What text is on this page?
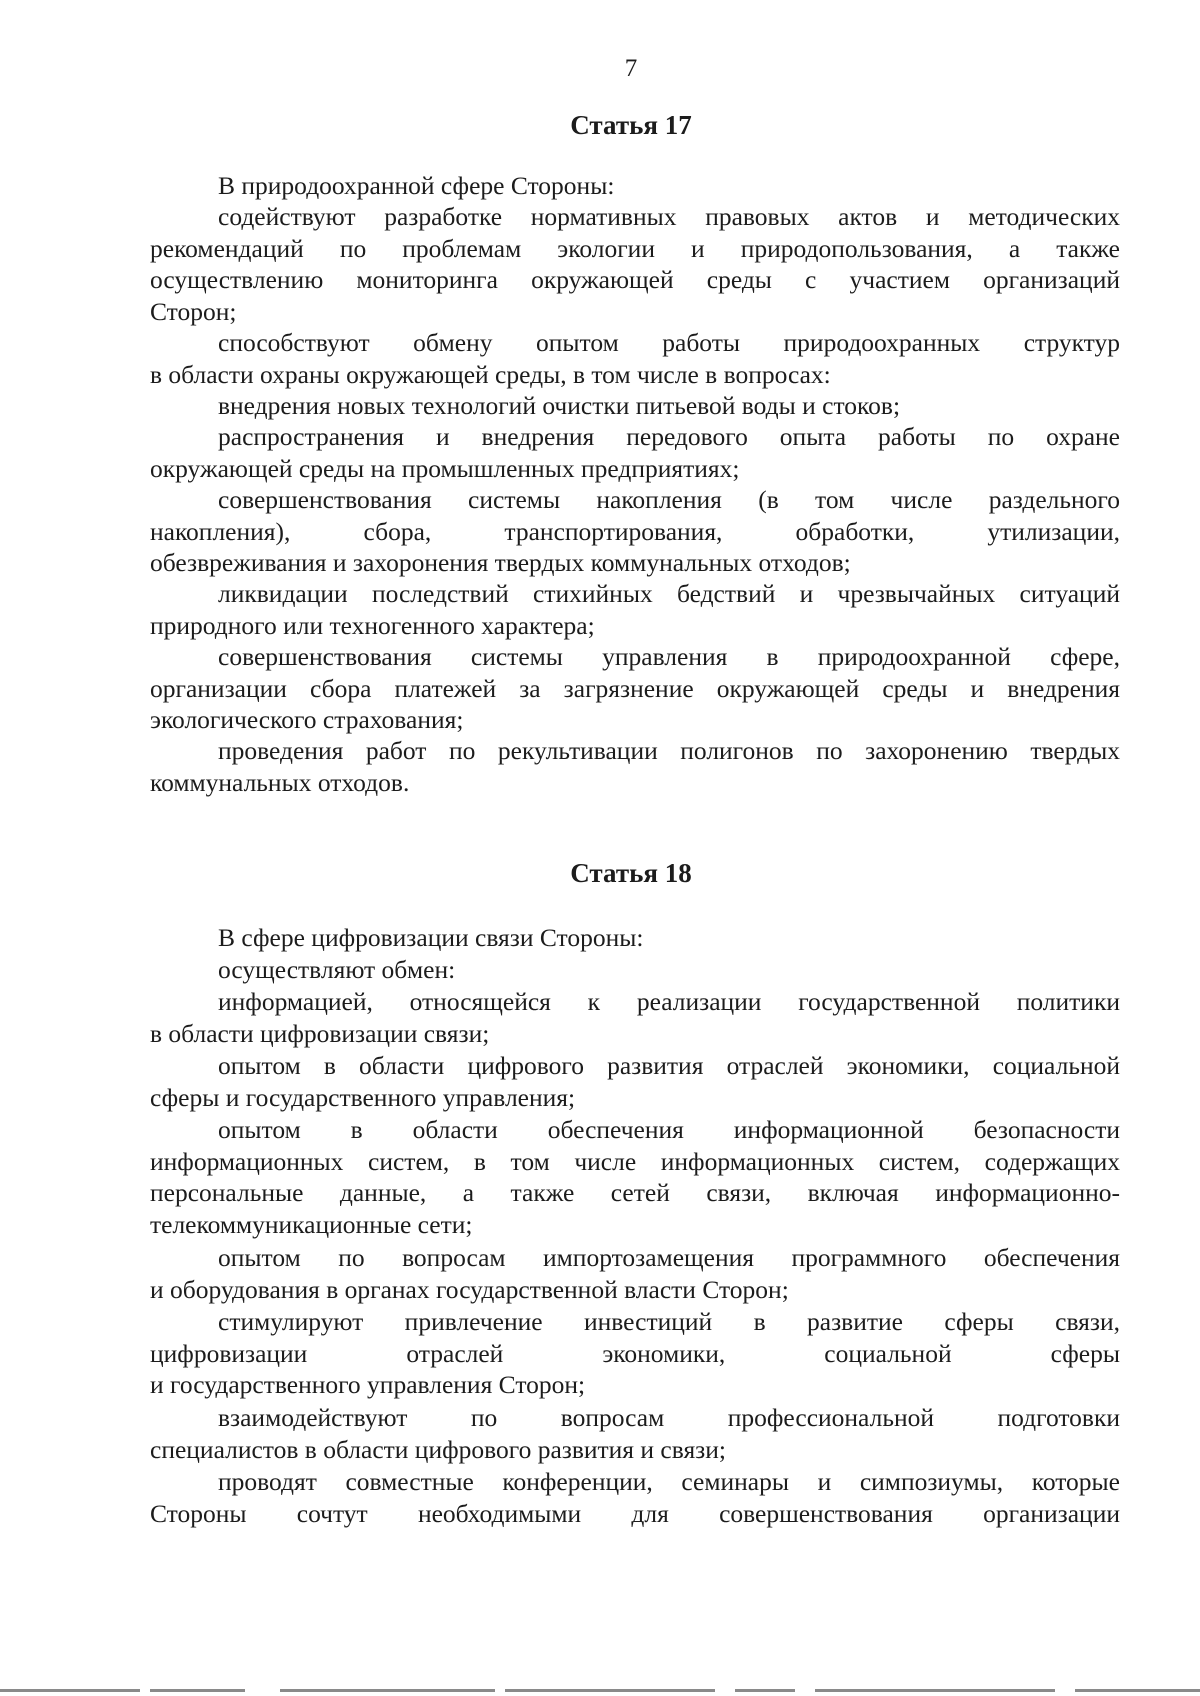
7
Статья 17
В природоохранной сфере Стороны:
содействуют разработке нормативных правовых актов и методических
рекомендаций по проблемам экологии и природопользования, а также
осуществлению мониторинга окружающей среды с участием организаций
Сторон;
способствуют обмену опытом работы природоохранных структур
в области охраны окружающей среды, в том числе в вопросах:
внедрения новых технологий очистки питьевой воды и стоков;
распространения и внедрения передового опыта работы по охране
окружающей среды на промышленных предприятиях;
совершенствования системы накопления (в том числе раздельного
накопления), сбора, транспортирования, обработки, утилизации,
обезвреживания и захоронения твердых коммунальных отходов;
ликвидации последствий стихийных бедствий и чрезвычайных ситуаций
природного или техногенного характера;
совершенствования системы управления в природоохранной сфере,
организации сбора платежей за загрязнение окружающей среды и внедрения
экологического страхования;
проведения работ по рекультивации полигонов по захоронению твердых
коммунальных отходов.
Статья 18
В сфере цифровизации связи Стороны:
осуществляют обмен:
информацией, относящейся к реализации государственной политики
в области цифровизации связи;
опытом в области цифрового развития отраслей экономики, социальной
сферы и государственного управления;
опытом в области обеспечения информационной безопасности
информационных систем, в том числе информационных систем, содержащих
персональные данные, а также сетей связи, включая информационно-
телекоммуникационные сети;
опытом по вопросам импортозамещения программного обеспечения
и оборудования в органах государственной власти Сторон;
стимулируют привлечение инвестиций в развитие сферы связи,
цифровизации отраслей экономики, социальной сферы
и государственного управления Сторон;
взаимодействуют по вопросам профессиональной подготовки
специалистов в области цифрового развития и связи;
проводят совместные конференции, семинары и симпозиумы, которые
Стороны сочтут необходимыми для совершенствования организации
